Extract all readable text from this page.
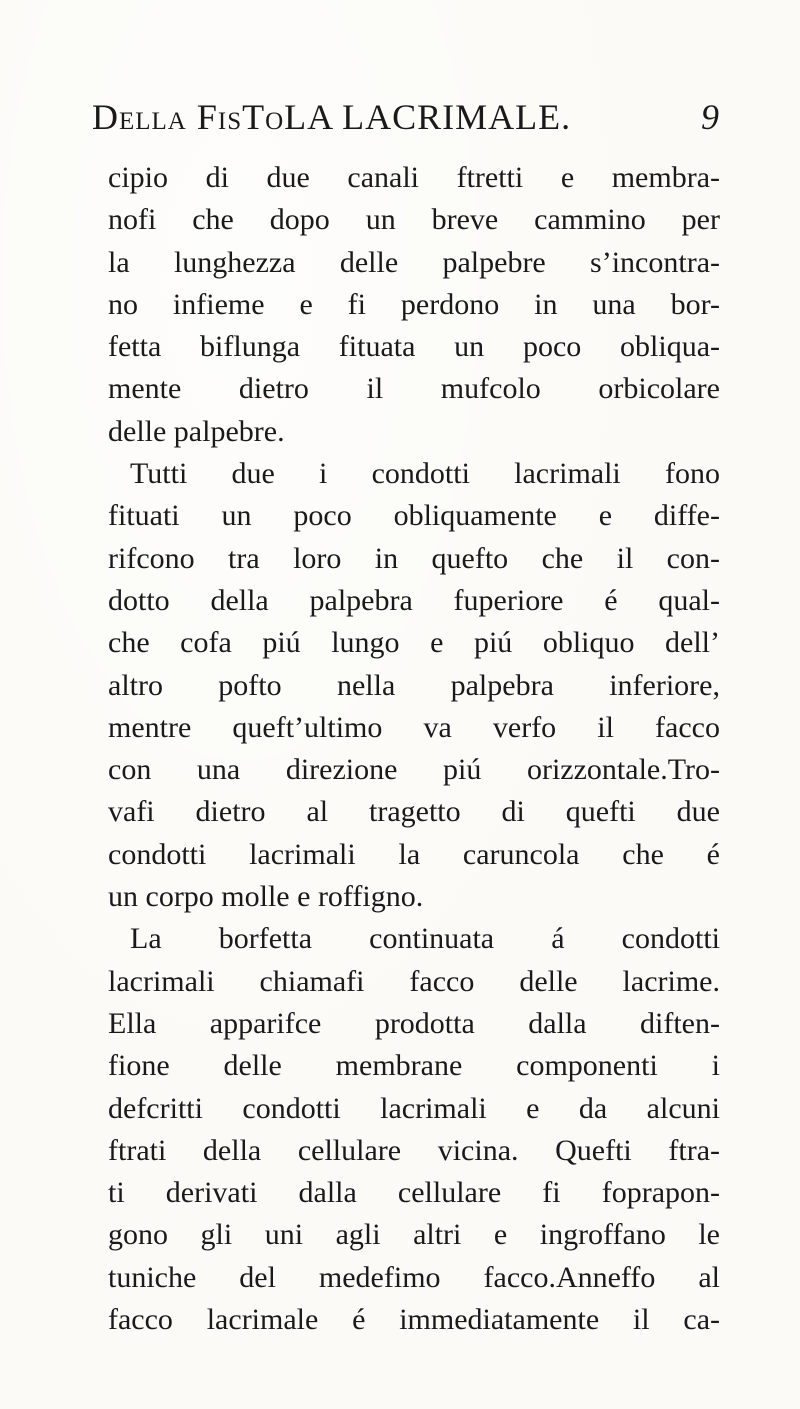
Della FisToLA LACRIMALE.	9
cipio di due canali ftretti e membra-
nofi che dopo un breve cammino per
la lunghezza delle palpebre s’incontra-
no infieme e fi perdono in una bor-
fetta biflunga fituata un poco obliqua-
mente dietro il mufcolo orbicolare
delle palpebre.
Tutti due i condotti lacrimali fono
fituati un poco obliquamente e diffe-
rifcono tra loro in quefto che il con-
dotto della palpebra fuperiore é qual-
che cofa piú lungo e piú obliquo dell’
altro pofto nella palpebra inferiore,
mentre queft’ultimo va verfo il facco
con una direzione piú orizzontale.Tro-
vafi dietro al tragetto di quefti due
condotti lacrimali la caruncola che é
un corpo molle e roffigno.
La borfetta continuata á condotti
lacrimali chiamafi facco delle lacrime.
Ella apparifce prodotta dalla diften-
fione delle membrane componenti i
defcritti condotti lacrimali e da alcuni
ftrati della cellulare vicina. Quefti ftra-
ti derivati dalla cellulare fi foprapon-
gono gli uni agli altri e ingroffano le
tuniche del medefimo facco.Anneffo al
facco lacrimale é immediatamente il ca-
